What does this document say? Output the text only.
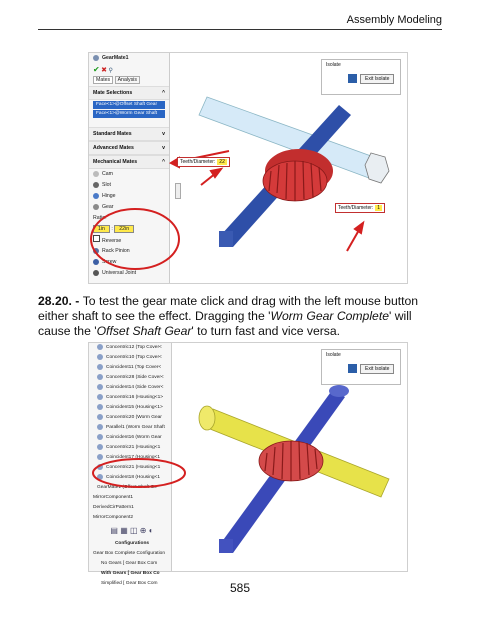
Assembly Modeling
GearMate1
✔ ✖ ⚲
Mates Analysis
Mate Selections	^
Face<1>@Offset Shaft Gear
Face<1>@Worm Gear Shaft
Standard Mates	v
Advanced Mates	v
Mechanical Mates	^
Cam
Slot
Hinge
Gear
Ratio:
1in : 22in
Reverse
Rack Pinion
Screw
Universal Joint
Isolate
Exit Isolate
Teeth/Diameter: 22
Teeth/Diameter: 1
28.20. - To test the gear mate click and drag with the left mouse button either shaft to see the effect. Dragging the 'Worm Gear Complete' will cause the 'Offset Shaft Gear' to turn fast and vice versa.
Concentric12 (Top Cover<
Concentric10 (Top Cover<
Coincident11 (Top Cover<
Concentric28 (Side Cover<
Coincident14 (Side Cover<
Concentric16 (Housing<1>
Coincident15 (Housing<1>
Concentric20 (Worm Gear
Parallel1 (Worm Gear Shaft
Coincident16 (Worm Gear
Concentric21 (Housing<1
Coincident17 (Housing<1
Concentric21 (Housing<1
Coincident18 (Housing<1
GearMate1 (Offset Shaft Ge
MirrorComponent1
DerivedCirPattern1
MirrorComponent2
▤ ▦ ◫ ⊕ ◐
Configurations
Gear Box Complete Configuration
No Gears [ Gear Box Com
With Gears [ Gear Box Co
Simplified [ Gear Box Com
Isolate
Exit Isolate
585
